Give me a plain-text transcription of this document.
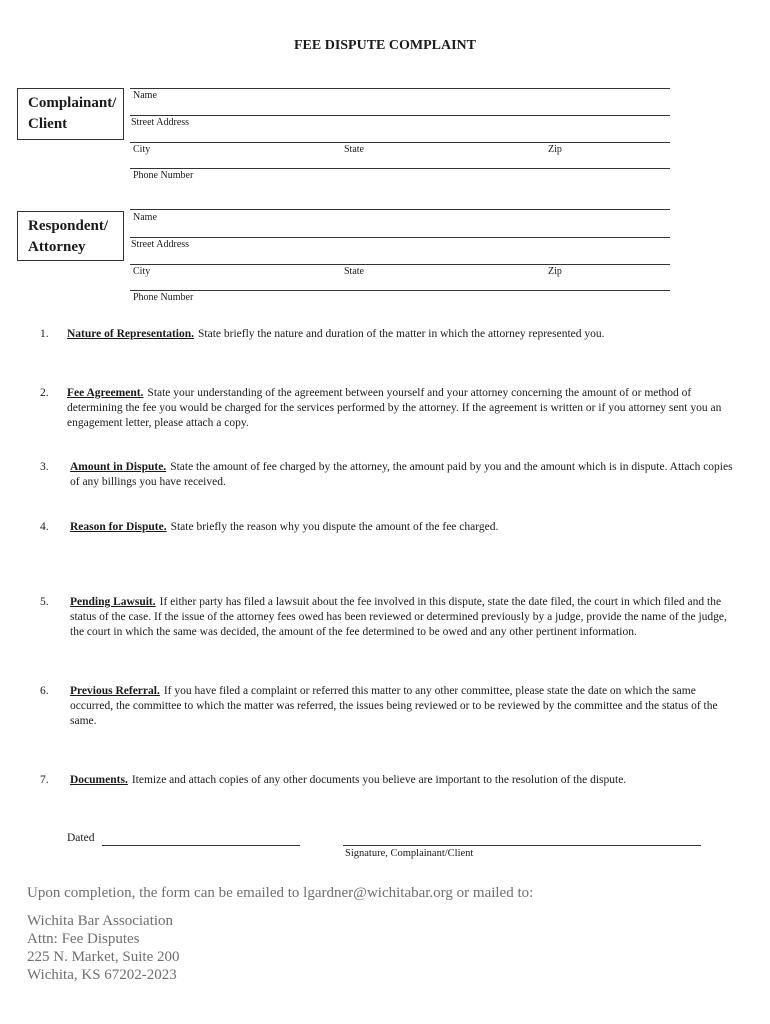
FEE DISPUTE COMPLAINT
Complainant/
Client
Name
Street Address
City	State	Zip
Phone Number
Respondent/
Attorney
Name
Street Address
City	State	Zip
Phone Number
1.	Nature of Representation. State briefly the nature and duration of the matter in which the attorney represented you.
2.	Fee Agreement. State your understanding of the agreement between yourself and your attorney concerning the amount of or method of determining the fee you would be charged for the services performed by the attorney. If the agreement is written or if you attorney sent you an engagement letter, please attach a copy.
3.	Amount in Dispute. State the amount of fee charged by the attorney, the amount paid by you and the amount which is in dispute. Attach copies of any billings you have received.
4.	Reason for Dispute. State briefly the reason why you dispute the amount of the fee charged.
5.	Pending Lawsuit. If either party has filed a lawsuit about the fee involved in this dispute, state the date filed, the court in which filed and the status of the case. If the issue of the attorney fees owed has been reviewed or determined previously by a judge, provide the name of the judge, the court in which the same was decided, the amount of the fee determined to be owed and any other pertinent information.
6.	Previous Referral. If you have filed a complaint or referred this matter to any other committee, please state the date on which the same occurred, the committee to which the matter was referred, the issues being reviewed or to be reviewed by the committee and the status of the same.
7.	Documents. Itemize and attach copies of any other documents you believe are important to the resolution of the dispute.
Dated
Signature, Complainant/Client
Upon completion, the form can be emailed to lgardner@wichitabar.org or mailed to:
Wichita Bar Association
Attn: Fee Disputes
225 N. Market, Suite 200
Wichita, KS 67202-2023
